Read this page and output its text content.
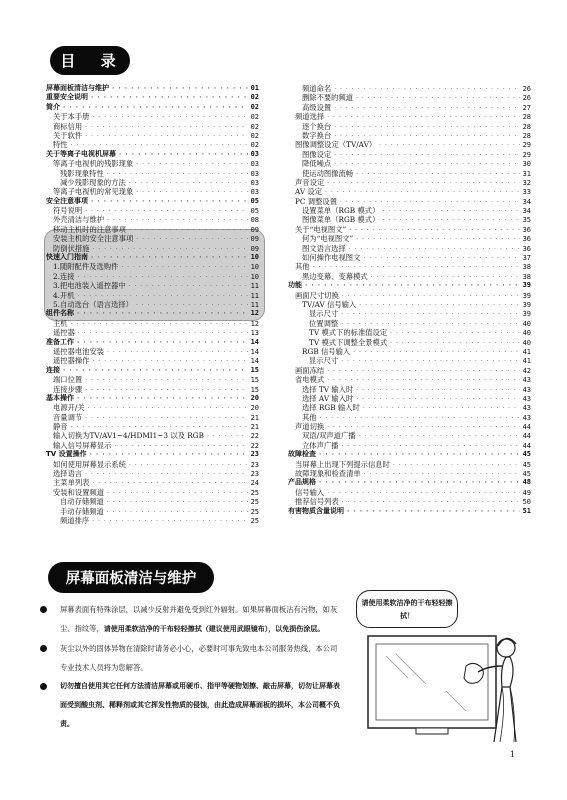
目 录
屏幕面板清洁与维护 · · ·	01
重要安全说明 · · ·	02
简介 · · ·	02
关于本手册 · · ·	02
商标信用 · · ·	02
关于软件 · · ·	02
特性 · · ·	02
关于等离子电视机屏幕 · · ·	03
等离子电视机的残影现象 · · ·	03
残影现象特性 · · ·	03
减少残影现象的方法 · · ·	03
等离子电视机的常见现象 · · ·	03
安全注意事项 · · ·	05
符号说明 · · ·	05
外壳清洁与维护 · · ·	08
移动主机时的注意事项 · · ·	09
安装主机的安全注意事项 · · ·	09
防倒伏措施 · · ·	09
快速入门指南 · · ·	10
1.随附配件及选购件 · · ·	10
2.连接 · · ·	10
3.把电池装入遥控器中 · · ·	11
4.开机 · · ·	11
5.自动选台（语言选择） · · ·	11
组件名称 · · ·	12
主机 · · ·	12
遥控器 · · ·	13
准备工作 · · ·	14
遥控器电池安装 · · ·	14
遥控器操作 · · ·	14
连接 · · ·	15
端口位置 · · ·	15
连接步骤 · · ·	15
基本操作 · · ·	20
电源开/关 · · ·	20
音量调节 · · ·	21
静音 · · ·	21
输入切换为TV/AV1~4/HDMI1~3 以及 RGB · · ·	22
输入信号屏幕显示 · · ·	22
TV 设置操作 · · ·	23
如何使用屏幕显示系统 · · ·	23
选择语言 · · ·	23
主菜单列表 · · ·	24
安装和设置频道 · · ·	25
自动存储频道 · · ·	25
手动存储频道 · · ·	25
频道排序 · · ·	25
频道命名 · · ·	26
删除不要的频道 · · ·	26
高级设置 · · ·	27
频道选择 · · ·	28
逐个换台 · · ·	28
数字换台 · · ·	28
图像调整设定（TV/AV） · · ·	29
图像设定 · · ·	29
降低噪点 · · ·	30
使运动图像流畅 · · ·	31
声音设定 · · ·	32
AV 设定 · · ·	33
PC 调整设置 · · ·	34
设置菜单（RGB 模式） · · ·	34
图像菜单（RGB 模式） · · ·	35
关于“电视图文” · · ·	36
何为“电视图文” · · ·	36
图文语言选择 · · ·	36
如何操作电视图文 · · ·	37
其他 · · ·	38
黑边变幕、变幕模式 · · ·	38
功能 · · ·	39
画面尺寸切换 · · ·	39
TV/AV 信号输入 · · ·	39
显示尺寸 · · ·	39
位置调整 · · ·	40
TV 模式下的标准值设定 · · ·	40
TV 模式下调整全景模式 · · ·	40
RGB 信号输入 · · ·	41
显示尺寸 · · ·	41
画面冻结 · · ·	42
省电模式 · · ·	43
选择 TV 输入时 · · ·	43
选择 AV 输入时 · · ·	43
选择 RGB 输入时 · · ·	43
其他 · · ·	43
声道切换 · · ·	44
双语/双声道广播 · · ·	44
立体声广播 · · ·	44
故障检查 · · ·	45
当屏幕上出现下列提示信息时 · · ·	45
故障现象和检查清单 · · ·	45
产品规格 · · ·	48
信号输入 · · ·	49
推荐信号列表 · · ·	50
有害物质含量说明 · · ·	51
屏幕面板清洁与维护
屏幕表面有特殊涂层，以减少反射并避免受到红外辐射。如果屏幕面板沾有污物，如灰尘、指纹等，请使用柔软洁净的干布轻轻擦拭（建议使用武眼镜布），以免损伤涂层。
灰尘以外的固体异物在清除时请务必小心，必要时可事先致电本公司服务热线，本公司专业技术人员将为您解答。
切勿擅自使用其它任何方法清洁屏幕或用硬币、指甲等硬物划擦、敲击屏幕，切勿让屏幕表面受到酸虫剂、稀释剂或其它挥发性物质的侵蚀，由此造成屏幕面板的损坏，本公司概不负责。
请使用柔软洁净的干布轻轻擦拭！
1
